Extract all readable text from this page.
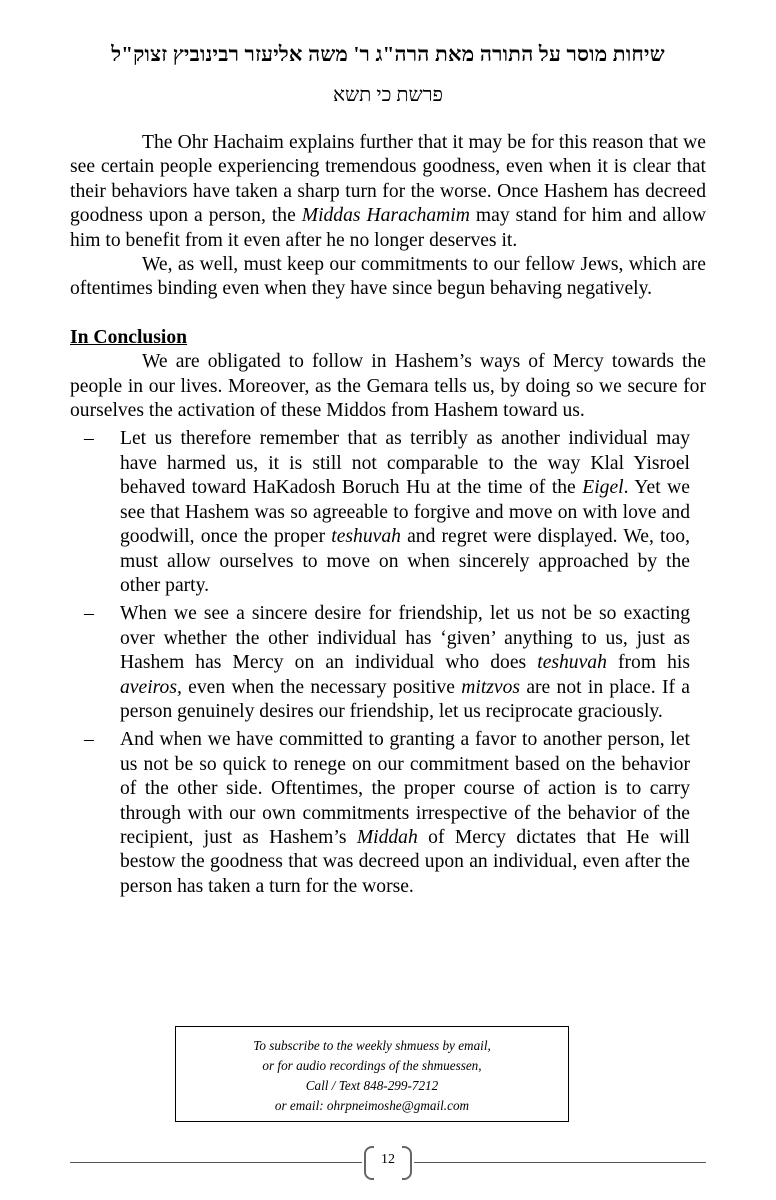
שיחות מוסר על התורה מאת הרה"ג ר' משה אליעזר רבינוביץ זצוק"ל
פרשת כי תשא

The Ohr Hachaim explains further that it may be for this reason that we see certain people experiencing tremendous goodness, even when it is clear that their behaviors have taken a sharp turn for the worse. Once Hashem has decreed goodness upon a person, the Middas Harachamim may stand for him and allow him to benefit from it even after he no longer deserves it.

We, as well, must keep our commitments to our fellow Jews, which are oftentimes binding even when they have since begun behaving negatively.

In Conclusion

We are obligated to follow in Hashem’s ways of Mercy towards the people in our lives. Moreover, as the Gemara tells us, by doing so we secure for ourselves the activation of these Middos from Hashem toward us.

– Let us therefore remember that as terribly as another individual may have harmed us, it is still not comparable to the way Klal Yisroel behaved toward HaKadosh Boruch Hu at the time of the Eigel. Yet we see that Hashem was so agreeable to forgive and move on with love and goodwill, once the proper teshuvah and regret were displayed. We, too, must allow ourselves to move on when sincerely approached by the other party.
– When we see a sincere desire for friendship, let us not be so exacting over whether the other individual has ‘given’ anything to us, just as Hashem has Mercy on an individual who does teshuvah from his aveiros, even when the necessary positive mitzvos are not in place. If a person genuinely desires our friendship, let us reciprocate graciously.
– And when we have committed to granting a favor to another person, let us not be so quick to renege on our commitment based on the behavior of the other side. Oftentimes, the proper course of action is to carry through with our own commitments irrespective of the behavior of the recipient, just as Hashem’s Middah of Mercy dictates that He will bestow the goodness that was decreed upon an individual, even after the person has taken a turn for the worse.
To subscribe to the weekly shmuess by email,
or for audio recordings of the shmuessen,
Call / Text 848-299-7212
or email: ohrpneimoshe@gmail.com
12
